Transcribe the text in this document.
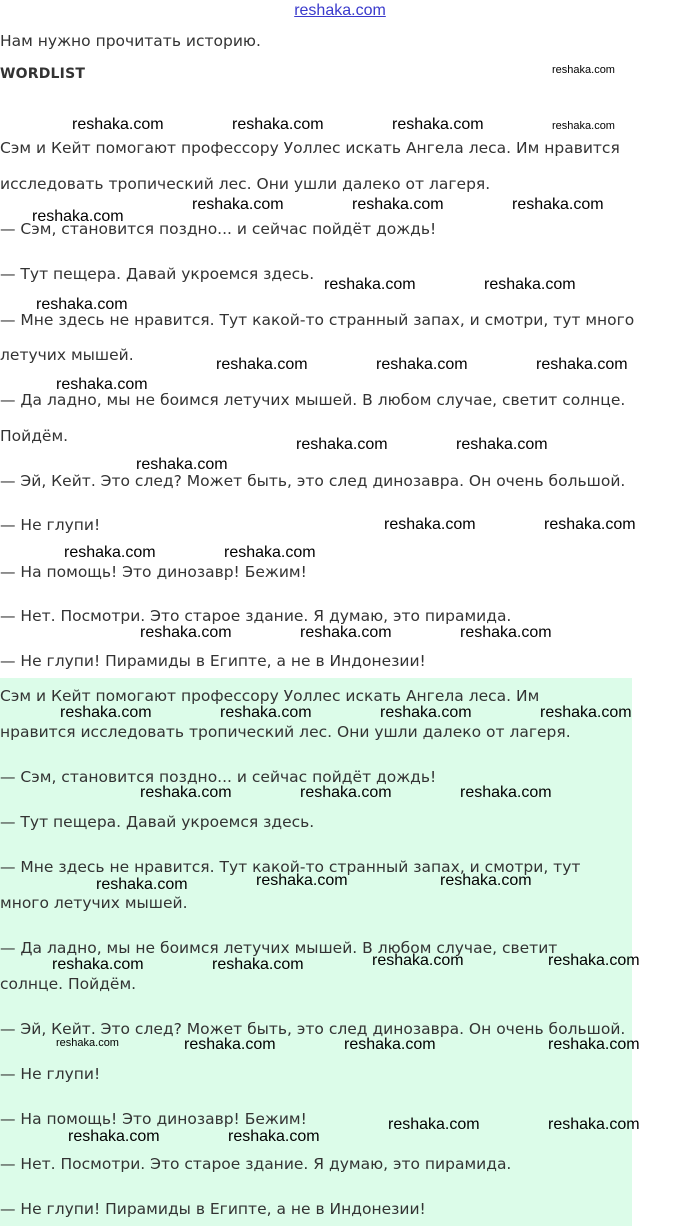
reshaka.com

Нам нужно прочитать историю.

WORDLIST

Сэм и Кейт помогают профессору Уоллес искать Ангела леса. Им нравится

исследовать тропический лес. Они ушли далеко от лагеря.

— Сэм, становится поздно... и сейчас пойдёт дождь!

— Тут пещера. Давай укроемся здесь.

— Мне здесь не нравится. Тут какой-то странный запах, и смотри, тут много

летучих мышей.

— Да ладно, мы не боимся летучих мышей. В любом случае, светит солнце.

Пойдём.

— Эй, Кейт. Это след? Может быть, это след динозавра. Он очень большой.

— Не глупи!

— На помощь! Это динозавр! Бежим!

— Нет. Посмотри. Это старое здание. Я думаю, это пирамида.

— Не глупи! Пирамиды в Египте, а не в Индонезии!

Сэм и Кейт помогают профессору Уоллес искать Ангела леса. Им

нравится исследовать тропический лес. Они ушли далеко от лагеря.

— Сэм, становится поздно... и сейчас пойдёт дождь!

— Тут пещера. Давай укроемся здесь.

— Мне здесь не нравится. Тут какой-то странный запах, и смотри, тут

много летучих мышей.

— Да ладно, мы не боимся летучих мышей. В любом случае, светит

солнце. Пойдём.

— Эй, Кейт. Это след? Может быть, это след динозавра. Он очень большой.

— Не глупи!

— На помощь! Это динозавр! Бежим!

— Нет. Посмотри. Это старое здание. Я думаю, это пирамида.

— Не глупи! Пирамиды в Египте, а не в Индонезии!

reshaka.com
reshaka.com	reshaka.com	reshaka.com	reshaka.com
reshaka.com
reshaka.com	reshaka.com	reshaka.com
reshaka.com	reshaka.com
reshaka.com
reshaka.com	reshaka.com	reshaka.com
reshaka.com
reshaka.com	reshaka.com
reshaka.com
reshaka.com	reshaka.com
reshaka.com	reshaka.com
reshaka.com	reshaka.com	reshaka.com
reshaka.com	reshaka.com	reshaka.com	reshaka.com
reshaka.com	reshaka.com	reshaka.com
reshaka.com	reshaka.com	reshaka.com
reshaka.com	reshaka.com	reshaka.com	reshaka.com
reshaka.com	reshaka.com	reshaka.com	reshaka.com
reshaka.com	reshaka.com
reshaka.com	reshaka.com
